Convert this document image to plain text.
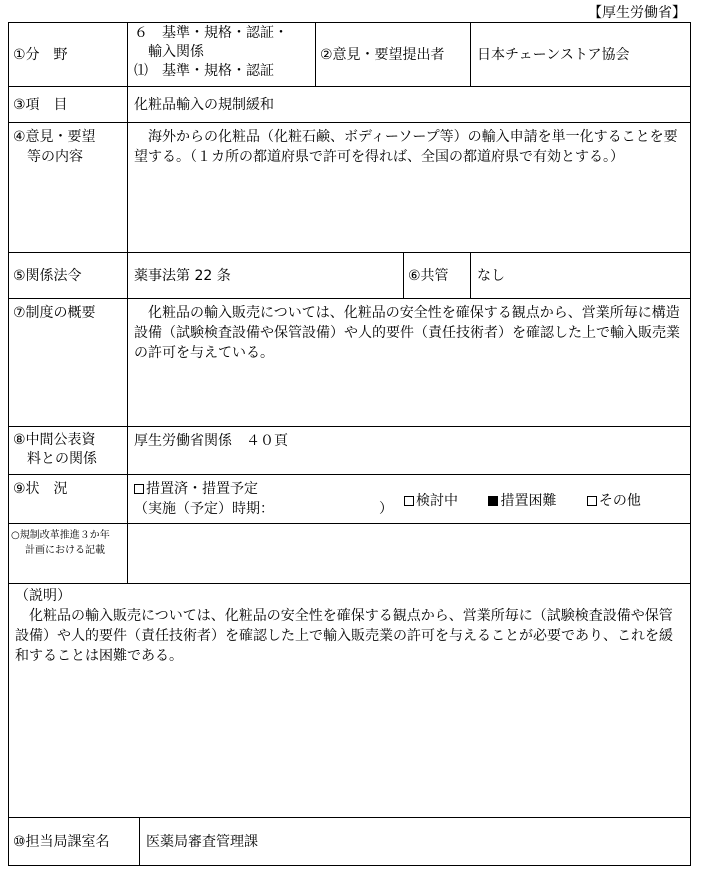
【厚生労働省】
①分　野	６　基準・規格・認証・
輸入関係
⑴　基準・規格・認証		②意見・要望提出者		日本チェーンストア協会
③項　目	化粧品輸入の規制緩和				

④意見・要望
等の内容	海外からの化粧品（化粧石鹸、ボディーソープ等）の輸入申請を単一化することを要望する。（１カ所の都道府県で許可を得れば、全国の都道府県で有効とする。）				
⑤関係法令	薬事法第 22 条			⑥共管	なし
⑦制度の概要	化粧品の輸入販売については、化粧品の安全性を確保する観点から、営業所毎に構造設備（試験検査設備や保管設備）や人的要件（責任技術者）を確認した上で輸入販売業の許可を与えている。				

⑧中間公表資
料との関係	厚生労働省関係　４０頁				
⑨状　況	措置済・措置予定
（実施（予定）時期：　　　　　　　　） 検討中 措置困難 その他				

○規制改革推進３か年
計画における記載					

（説明）
化粧品の輸入販売については、化粧品の安全性を確保する観点から、営業所毎に（試験検査設備や保管設備）や人的要件（責任技術者）を確認した上で輸入販売業の許可を与えることが必要であり、これを緩和することは困難である。					

⑩担当局課室名		医薬局審査管理課			
